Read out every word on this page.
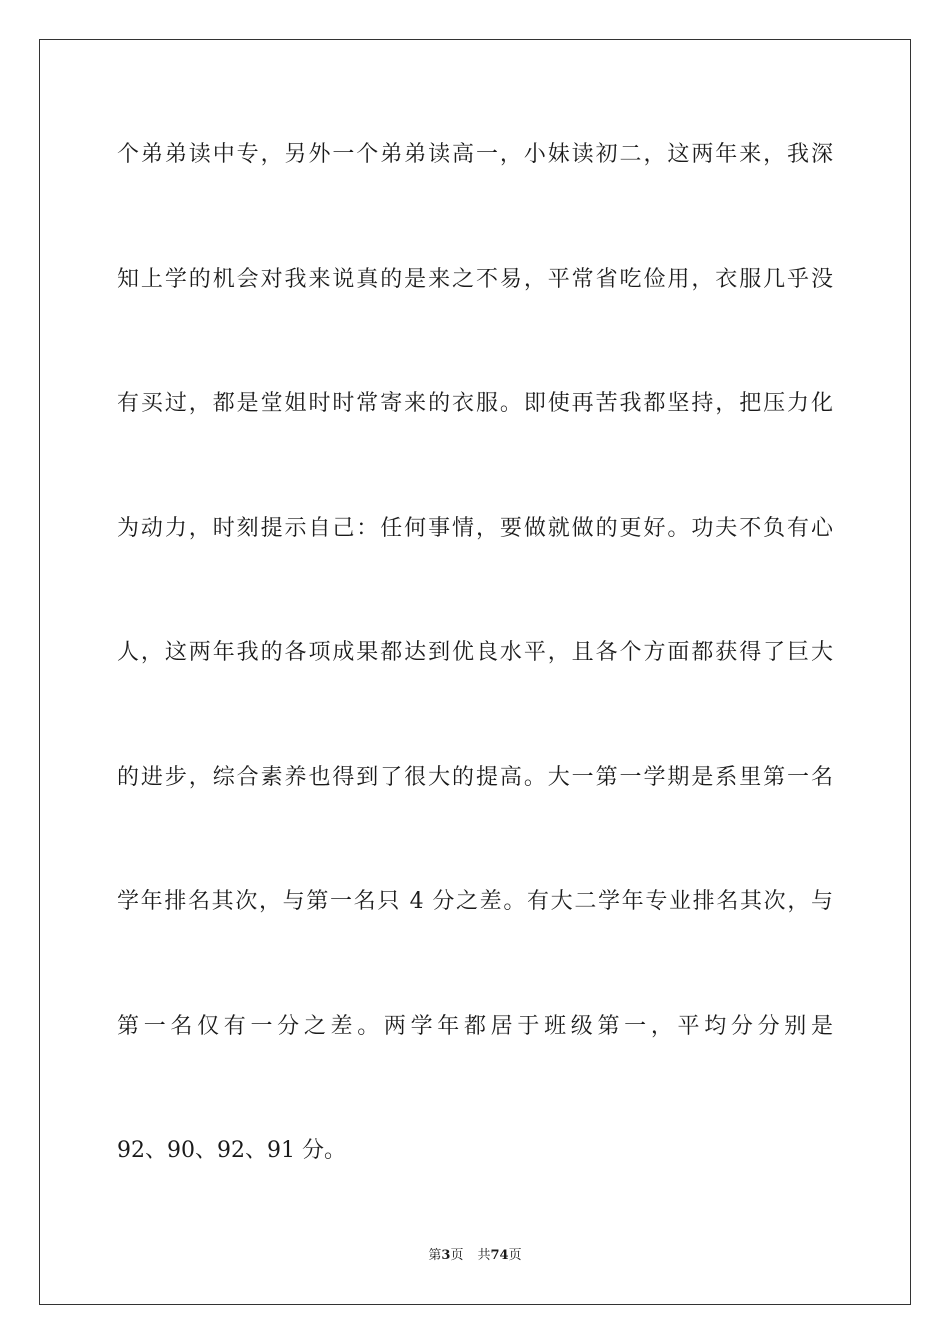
个弟弟读中专，另外一个弟弟读高一，小妹读初二，这两年来，我深
知上学的机会对我来说真的是来之不易，平常省吃俭用，衣服几乎没
有买过，都是堂姐时时常寄来的衣服。即使再苦我都坚持，把压力化
为动力，时刻提示自己：任何事情，要做就做的更好。功夫不负有心
人，这两年我的各项成果都达到优良水平，且各个方面都获得了巨大
的进步，综合素养也得到了很大的提高。大一第一学期是系里第一名
学年排名其次，与第一名只 4 分之差。有大二学年专业排名其次，与
第一名仅有一分之差。两学年都居于班级第一，平均分分别是
92、90、92、91 分。
第3页 共74页
